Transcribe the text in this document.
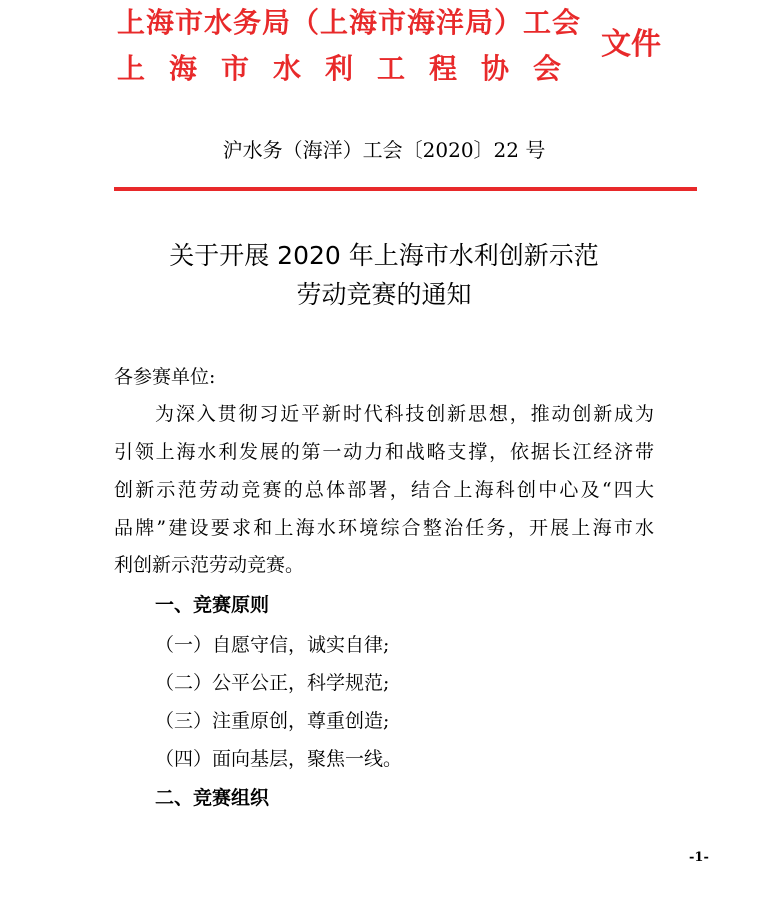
上海市水务局（上海市海洋局）工会
上海市水利工程协会
文件
沪水务（海洋）工会〔2020〕22 号
关于开展 2020 年上海市水利创新示范
劳动竞赛的通知
各参赛单位:
为深入贯彻习近平新时代科技创新思想，推动创新成为
引领上海水利发展的第一动力和战略支撑，依据长江经济带
创新示范劳动竞赛的总体部署，结合上海科创中心及“四大
品牌”建设要求和上海水环境综合整治任务，开展上海市水
利创新示范劳动竞赛。
一、竞赛原则
（一）自愿守信，诚实自律;
（二）公平公正，科学规范;
（三）注重原创，尊重创造;
（四）面向基层，聚焦一线。
二、竞赛组织
-1-
